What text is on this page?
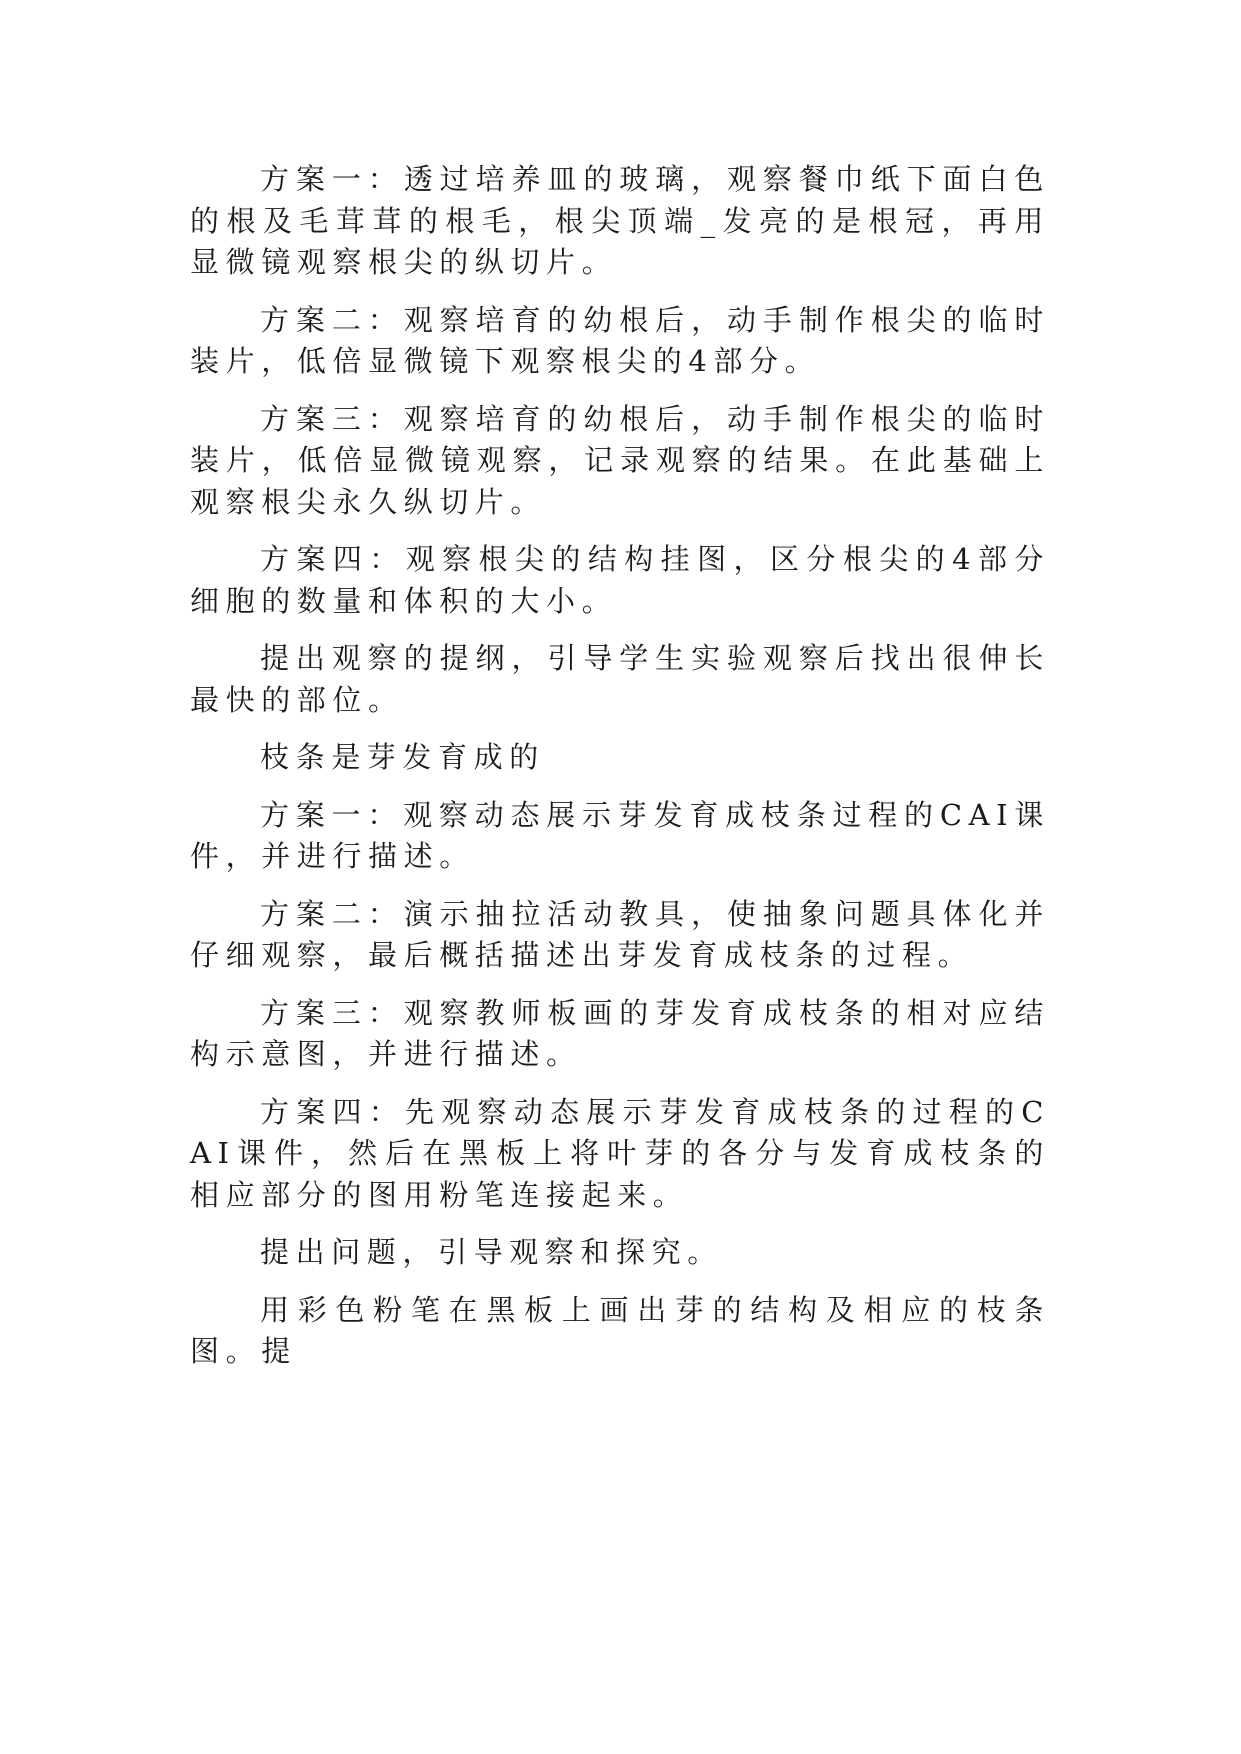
方案一：透过培养皿的玻璃，观察餐巾纸下面白色的根及毛茸茸的根毛，根尖顶端_发亮的是根冠，再用显微镜观察根尖的纵切片。

方案二：观察培育的幼根后，动手制作根尖的临时装片，低倍显微镜下观察根尖的4部分。

方案三：观察培育的幼根后，动手制作根尖的临时装片，低倍显微镜观察，记录观察的结果。在此基础上观察根尖永久纵切片。

方案四：观察根尖的结构挂图，区分根尖的4部分细胞的数量和体积的大小。

提出观察的提纲，引导学生实验观察后找出很伸长最快的部位。

枝条是芽发育成的

方案一：观察动态展示芽发育成枝条过程的CAI课件，并进行描述。

方案二：演示抽拉活动教具，使抽象问题具体化并仔细观察，最后概括描述出芽发育成枝条的过程。

方案三：观察教师板画的芽发育成枝条的相对应结构示意图，并进行描述。

方案四：先观察动态展示芽发育成枝条的过程的CAI课件，然后在黑板上将叶芽的各分与发育成枝条的相应部分的图用粉笔连接起来。

提出问题，引导观察和探究。

用彩色粉笔在黑板上画出芽的结构及相应的枝条图。提
